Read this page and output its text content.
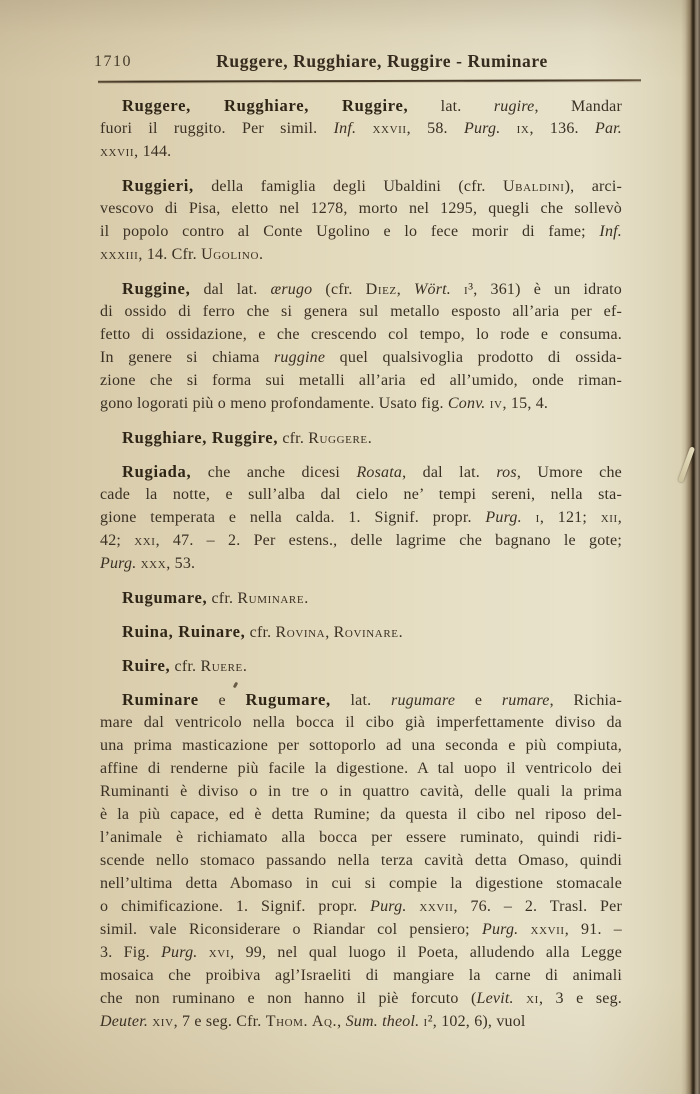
1710	Ruggere, Rugghiare, Ruggire - Ruminare
Ruggere, Rugghiare, Ruggire, lat. rugire, Mandar
fuori il ruggito. Per simil. Inf. xxvii, 58. Purg. ix, 136. Par.
xxvii, 144.
Ruggieri, della famiglia degli Ubaldini (cfr. Ubaldini), arci-
vescovo di Pisa, eletto nel 1278, morto nel 1295, quegli che sollevò
il popolo contro al Conte Ugolino e lo fece morir di fame; Inf.
xxxiii, 14. Cfr. Ugolino.
Ruggine, dal lat. ærugo (cfr. Diez, Wört. i³, 361) è un idrato
di ossido di ferro che si genera sul metallo esposto all’aria per ef-
fetto di ossidazione, e che crescendo col tempo, lo rode e consuma.
In genere si chiama ruggine quel qualsivoglia prodotto di ossida-
zione che si forma sui metalli all’aria ed all’umido, onde riman-
gono logorati più o meno profondamente. Usato fig. Conv. iv, 15, 4.
Rugghiare, Ruggire, cfr. Ruggere.
Rugiada, che anche dicesi Rosata, dal lat. ros, Umore che
cade la notte, e sull’alba dal cielo ne’ tempi sereni, nella sta-
gione temperata e nella calda. 1. Signif. propr. Purg. i, 121; xii,
42; xxi, 47. – 2. Per estens., delle lagrime che bagnano le gote;
Purg. xxx, 53.
Rugumare, cfr. Ruminare.
Ruina, Ruinare, cfr. Rovina, Rovinare.
Ruire, cfr. Ruere.
Ruminare e Rugumare, lat. rugumare e rumare, Richia-
mare dal ventricolo nella bocca il cibo già imperfettamente diviso da
una prima masticazione per sottoporlo ad una seconda e più compiuta,
affine di renderne più facile la digestione. A tal uopo il ventricolo dei
Ruminanti è diviso o in tre o in quattro cavità, delle quali la prima
è la più capace, ed è detta Rumine; da questa il cibo nel riposo del-
l’animale è richiamato alla bocca per essere ruminato, quindi ridi-
scende nello stomaco passando nella terza cavità detta Omaso, quindi
nell’ultima detta Abomaso in cui si compie la digestione stomacale
o chimificazione. 1. Signif. propr. Purg. xxvii, 76. – 2. Trasl. Per
simil. vale Riconsiderare o Riandar col pensiero; Purg. xxvii, 91. –
3. Fig. Purg. xvi, 99, nel qual luogo il Poeta, alludendo alla Legge
mosaica che proibiva agl’Israeliti di mangiare la carne di animali
che non ruminano e non hanno il piè forcuto (Levit. xi, 3 e seg.
Deuter. xiv, 7 e seg. Cfr. Thom. Aq., Sum. theol. i², 102, 6), vuol
